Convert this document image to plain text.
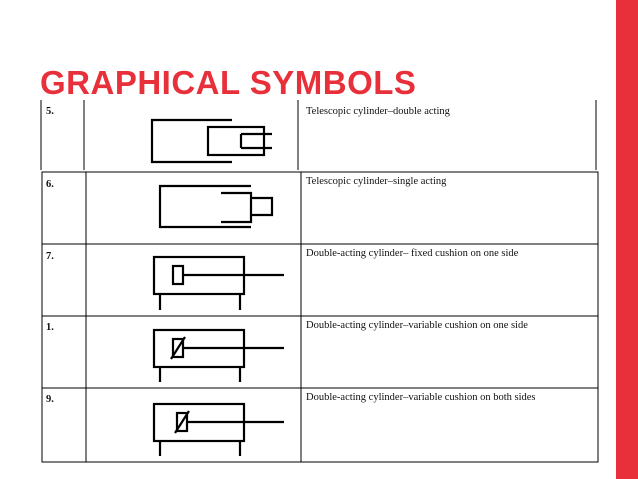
GRAPHICAL SYMBOLS
5.	Telescopic cylinder–double acting
6.	Telescopic cylinder–single acting
7.	Double-acting cylinder– fixed cushion on one side
1.	Double-acting cylinder–variable cushion on one side
9.	Double-acting cylinder–variable cushion on both sides
